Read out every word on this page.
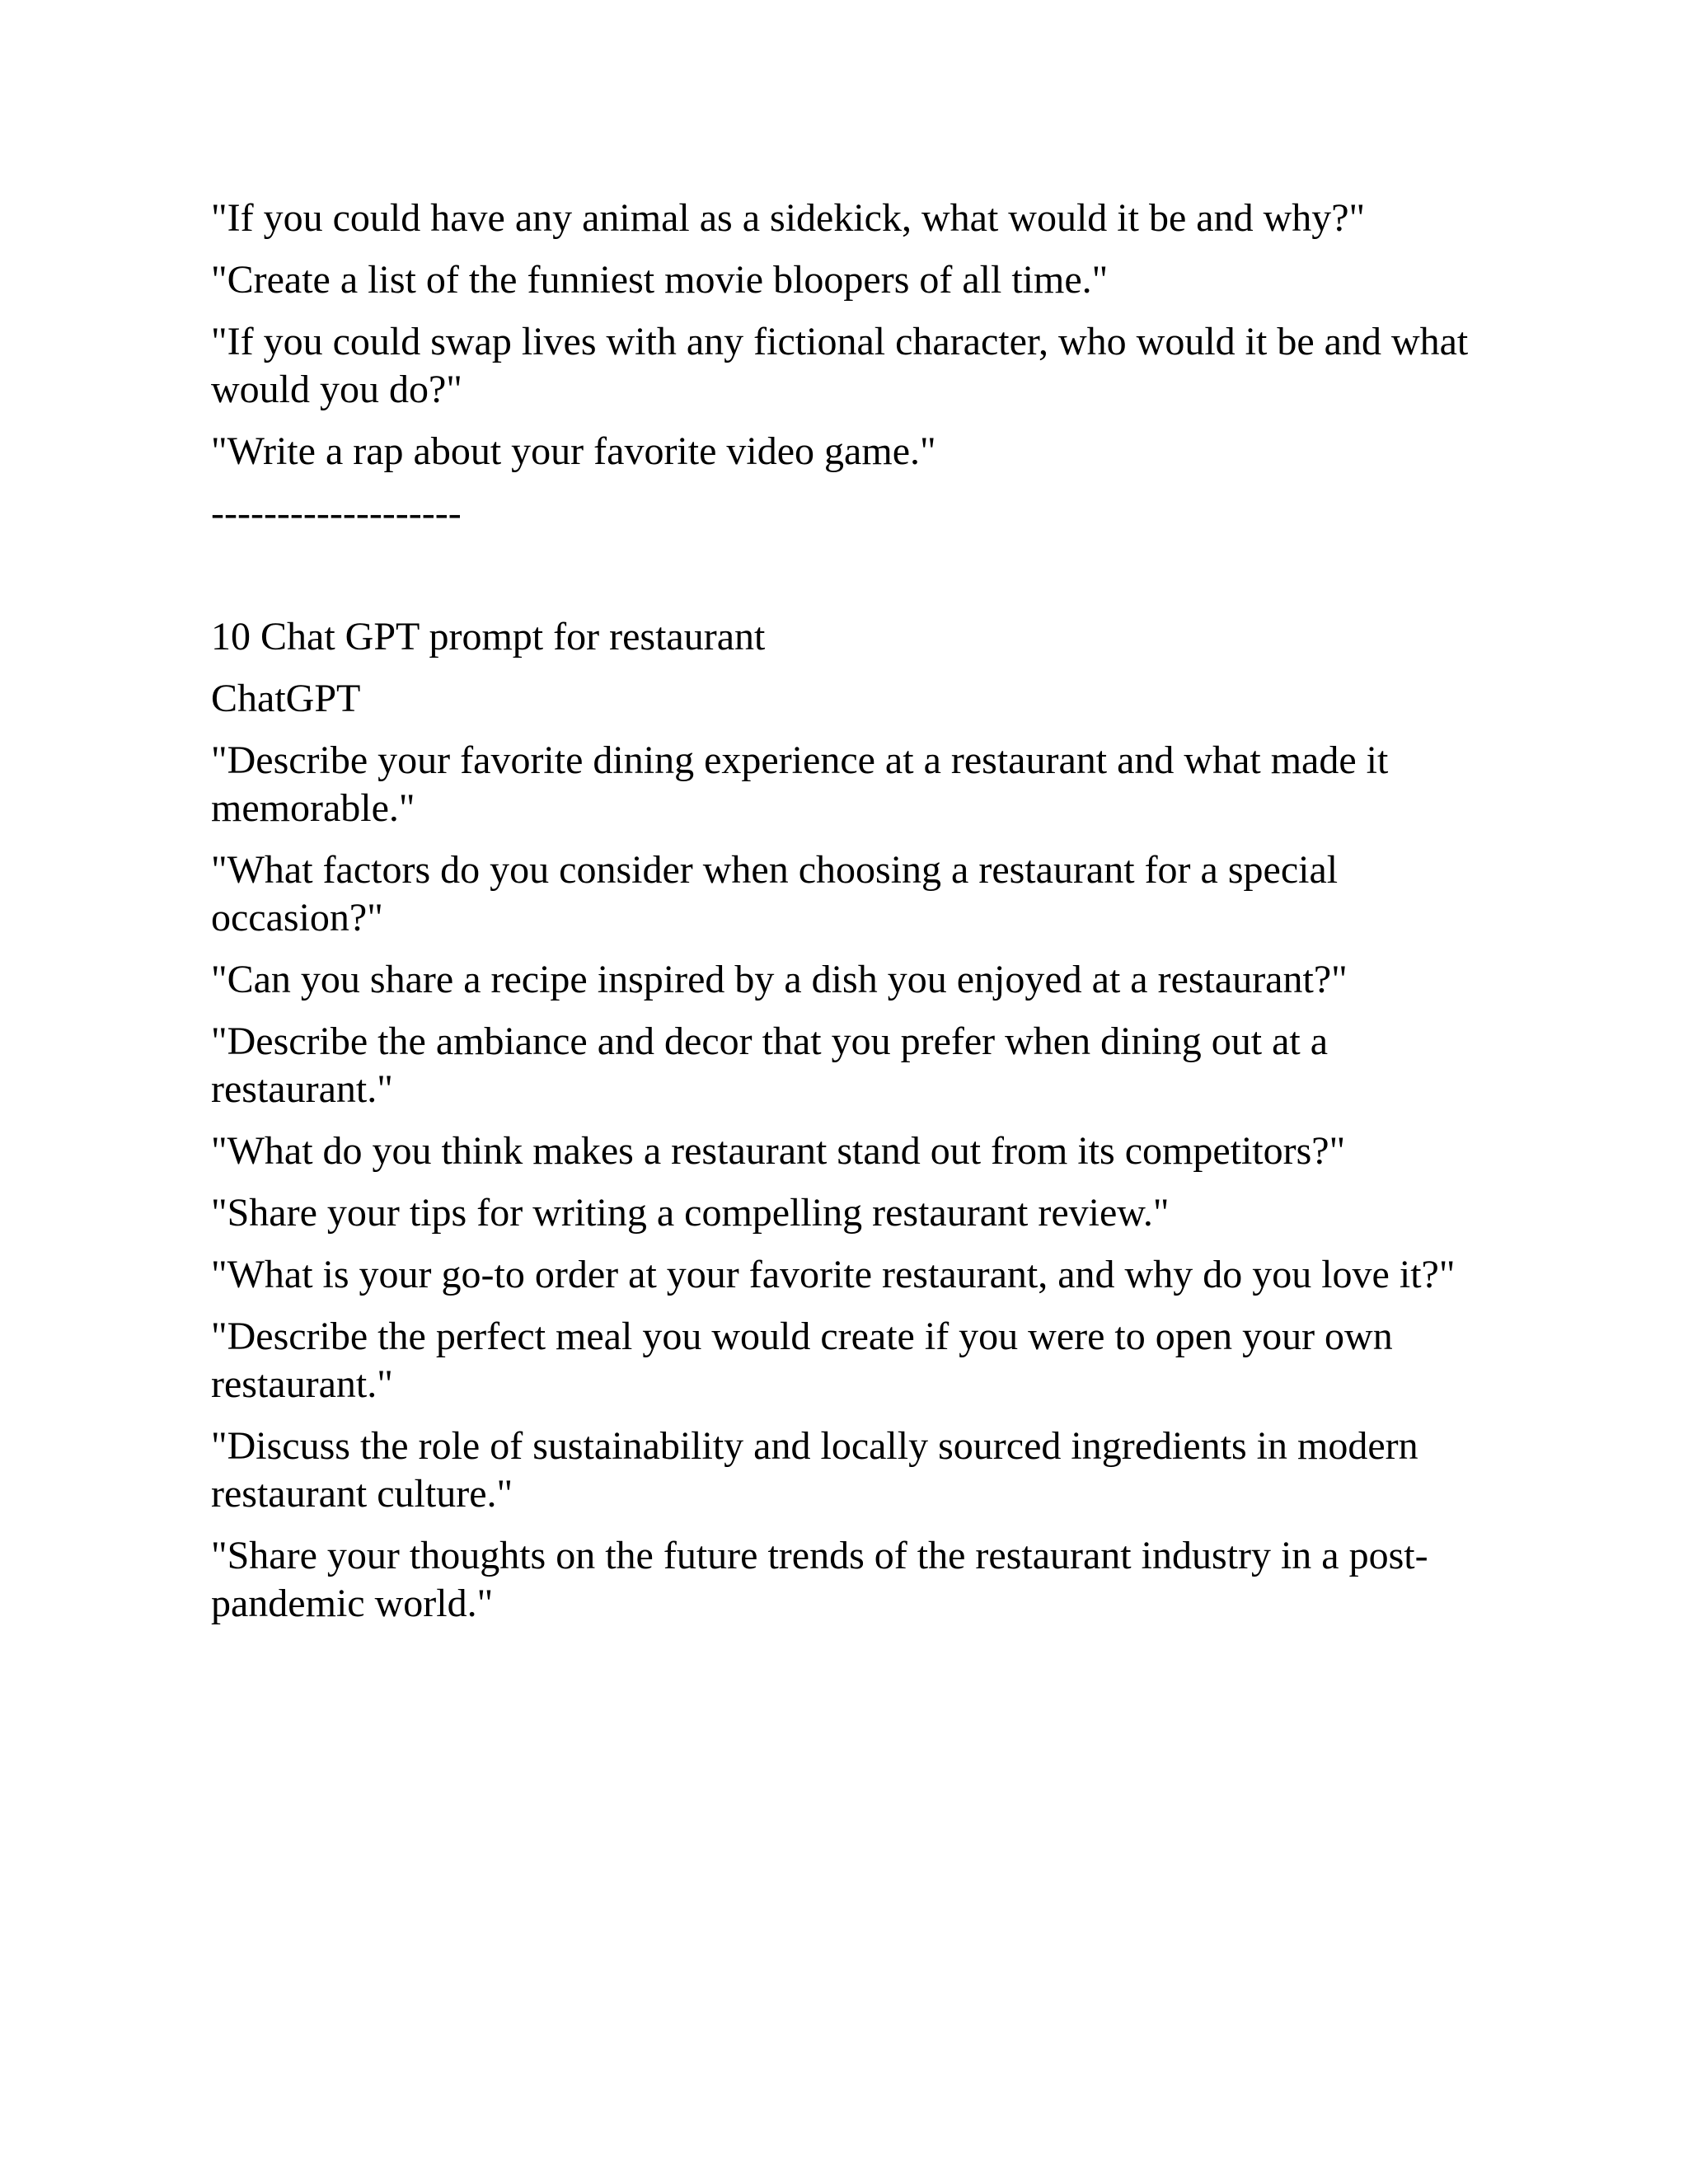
"If you could have any animal as a sidekick, what would it be and why?"

"Create a list of the funniest movie bloopers of all time."

"If you could swap lives with any fictional character, who would it be and what would you do?"

"Write a rap about your favorite video game."

-------------------

10 Chat GPT prompt for restaurant

ChatGPT

"Describe your favorite dining experience at a restaurant and what made it memorable."

"What factors do you consider when choosing a restaurant for a special occasion?"

"Can you share a recipe inspired by a dish you enjoyed at a restaurant?"

"Describe the ambiance and decor that you prefer when dining out at a restaurant."

"What do you think makes a restaurant stand out from its competitors?"

"Share your tips for writing a compelling restaurant review."

"What is your go-to order at your favorite restaurant, and why do you love it?"

"Describe the perfect meal you would create if you were to open your own restaurant."

"Discuss the role of sustainability and locally sourced ingredients in modern restaurant culture."

"Share your thoughts on the future trends of the restaurant industry in a post-pandemic world."
